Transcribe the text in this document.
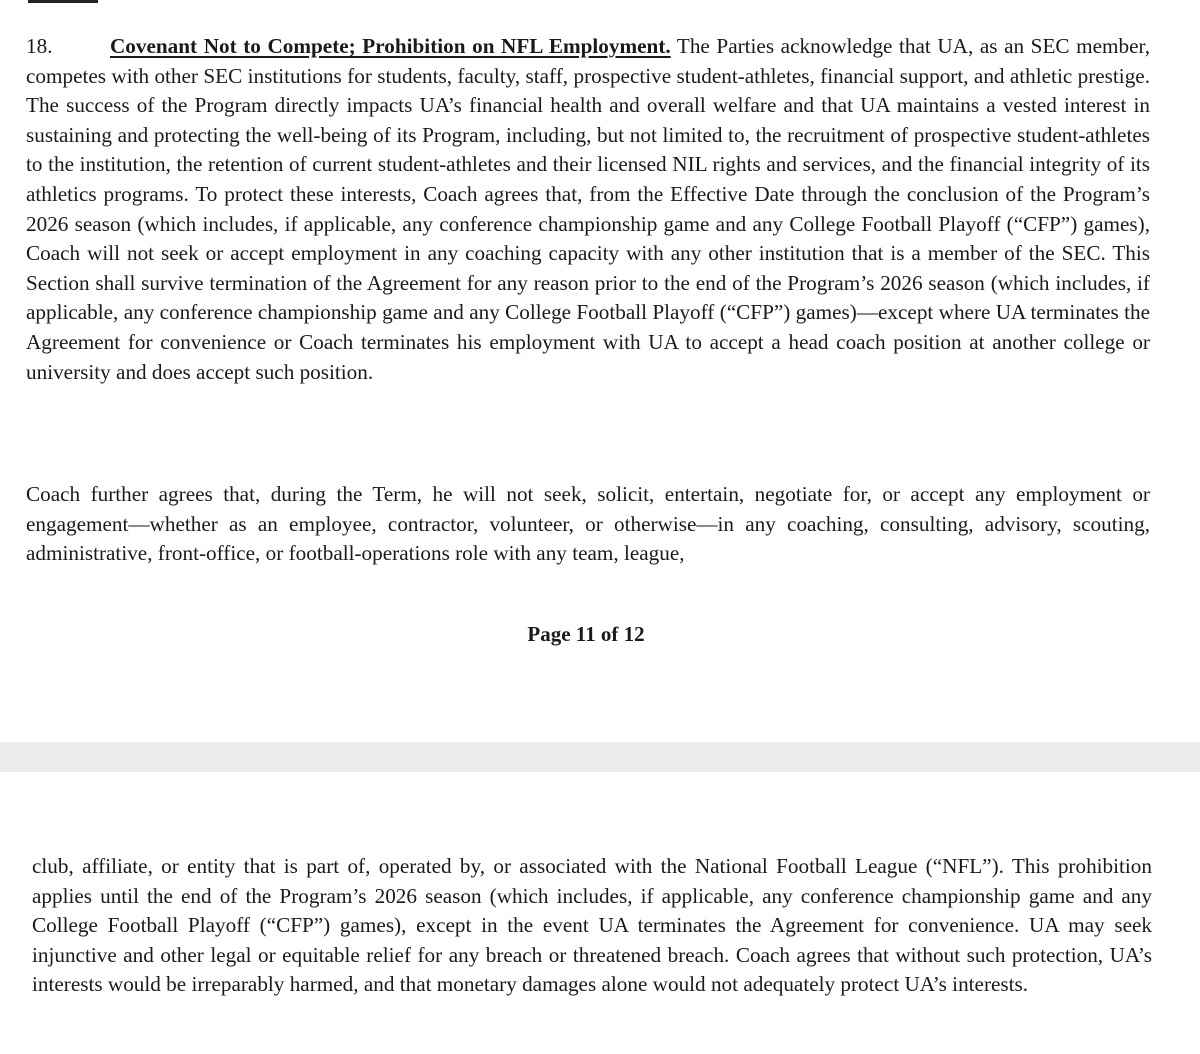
18.	Covenant Not to Compete; Prohibition on NFL Employment. The Parties acknowledge that UA, as an SEC member, competes with other SEC institutions for students, faculty, staff, prospective student-athletes, financial support, and athletic prestige. The success of the Program directly impacts UA’s financial health and overall welfare and that UA maintains a vested interest in sustaining and protecting the well-being of its Program, including, but not limited to, the recruitment of prospective student-athletes to the institution, the retention of current student-athletes and their licensed NIL rights and services, and the financial integrity of its athletics programs. To protect these interests, Coach agrees that, from the Effective Date through the conclusion of the Program’s 2026 season (which includes, if applicable, any conference championship game and any College Football Playoff (“CFP”) games), Coach will not seek or accept employment in any coaching capacity with any other institution that is a member of the SEC. This Section shall survive termination of the Agreement for any reason prior to the end of the Program’s 2026 season (which includes, if applicable, any conference championship game and any College Football Playoff (“CFP”) games)—except where UA terminates the Agreement for convenience or Coach terminates his employment with UA to accept a head coach position at another college or university and does accept such position.

Coach further agrees that, during the Term, he will not seek, solicit, entertain, negotiate for, or accept any employment or engagement—whether as an employee, contractor, volunteer, or otherwise—in any coaching, consulting, advisory, scouting, administrative, front-office, or football-operations role with any team, league,

Page 11 of 12

club, affiliate, or entity that is part of, operated by, or associated with the National Football League (“NFL”). This prohibition applies until the end of the Program’s 2026 season (which includes, if applicable, any conference championship game and any College Football Playoff (“CFP”) games), except in the event UA terminates the Agreement for convenience. UA may seek injunctive and other legal or equitable relief for any breach or threatened breach. Coach agrees that without such protection, UA’s interests would be irreparably harmed, and that monetary damages alone would not adequately protect UA’s interests.
